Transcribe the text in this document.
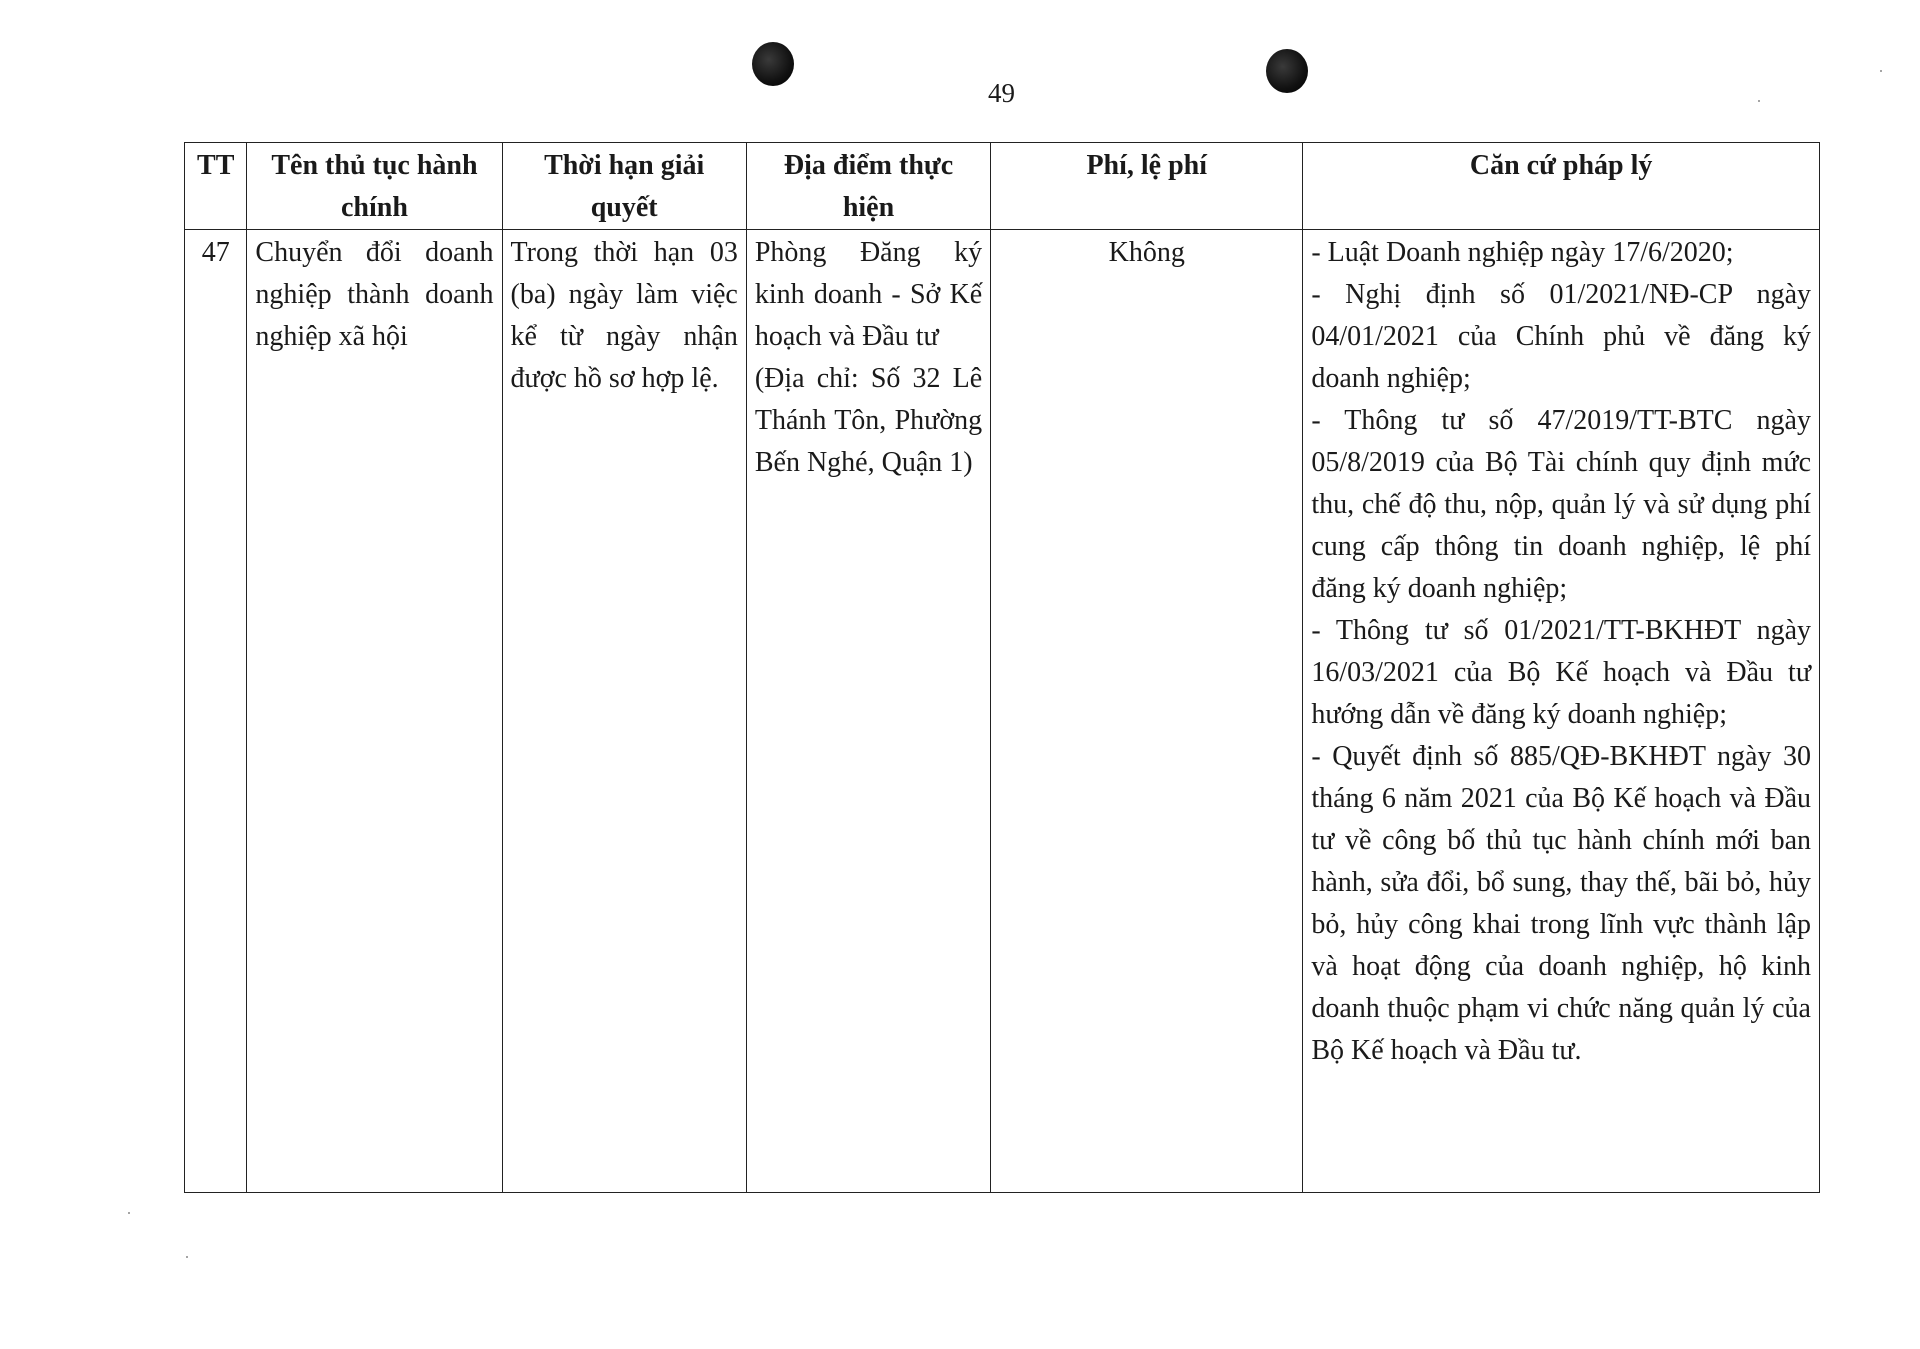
49
TT	Tên thủ tục hành chính	Thời hạn giải quyết	Địa điểm thực hiện	Phí, lệ phí	Căn cứ pháp lý
47	Chuyển đổi doanh nghiệp thành doanh nghiệp xã hội	Trong thời hạn 03 (ba) ngày làm việc kể từ ngày nhận được hồ sơ hợp lệ.	Phòng Đăng ký kinh doanh - Sở Kế hoạch và Đầu tư
(Địa chỉ: Số 32 Lê Thánh Tôn, Phường Bến Nghé, Quận 1)	Không	- Luật Doanh nghiệp ngày 17/6/2020;
- Nghị định số 01/2021/NĐ-CP ngày 04/01/2021 của Chính phủ về đăng ký doanh nghiệp;
- Thông tư số 47/2019/TT-BTC ngày 05/8/2019 của Bộ Tài chính quy định mức thu, chế độ thu, nộp, quản lý và sử dụng phí cung cấp thông tin doanh nghiệp, lệ phí đăng ký doanh nghiệp;
- Thông tư số 01/2021/TT-BKHĐT ngày 16/03/2021 của Bộ Kế hoạch và Đầu tư hướng dẫn về đăng ký doanh nghiệp;
- Quyết định số 885/QĐ-BKHĐT ngày 30 tháng 6 năm 2021 của Bộ Kế hoạch và Đầu tư về công bố thủ tục hành chính mới ban hành, sửa đổi, bổ sung, thay thế, bãi bỏ, hủy bỏ, hủy công khai trong lĩnh vực thành lập và hoạt động của doanh nghiệp, hộ kinh doanh thuộc phạm vi chức năng quản lý của Bộ Kế hoạch và Đầu tư.
